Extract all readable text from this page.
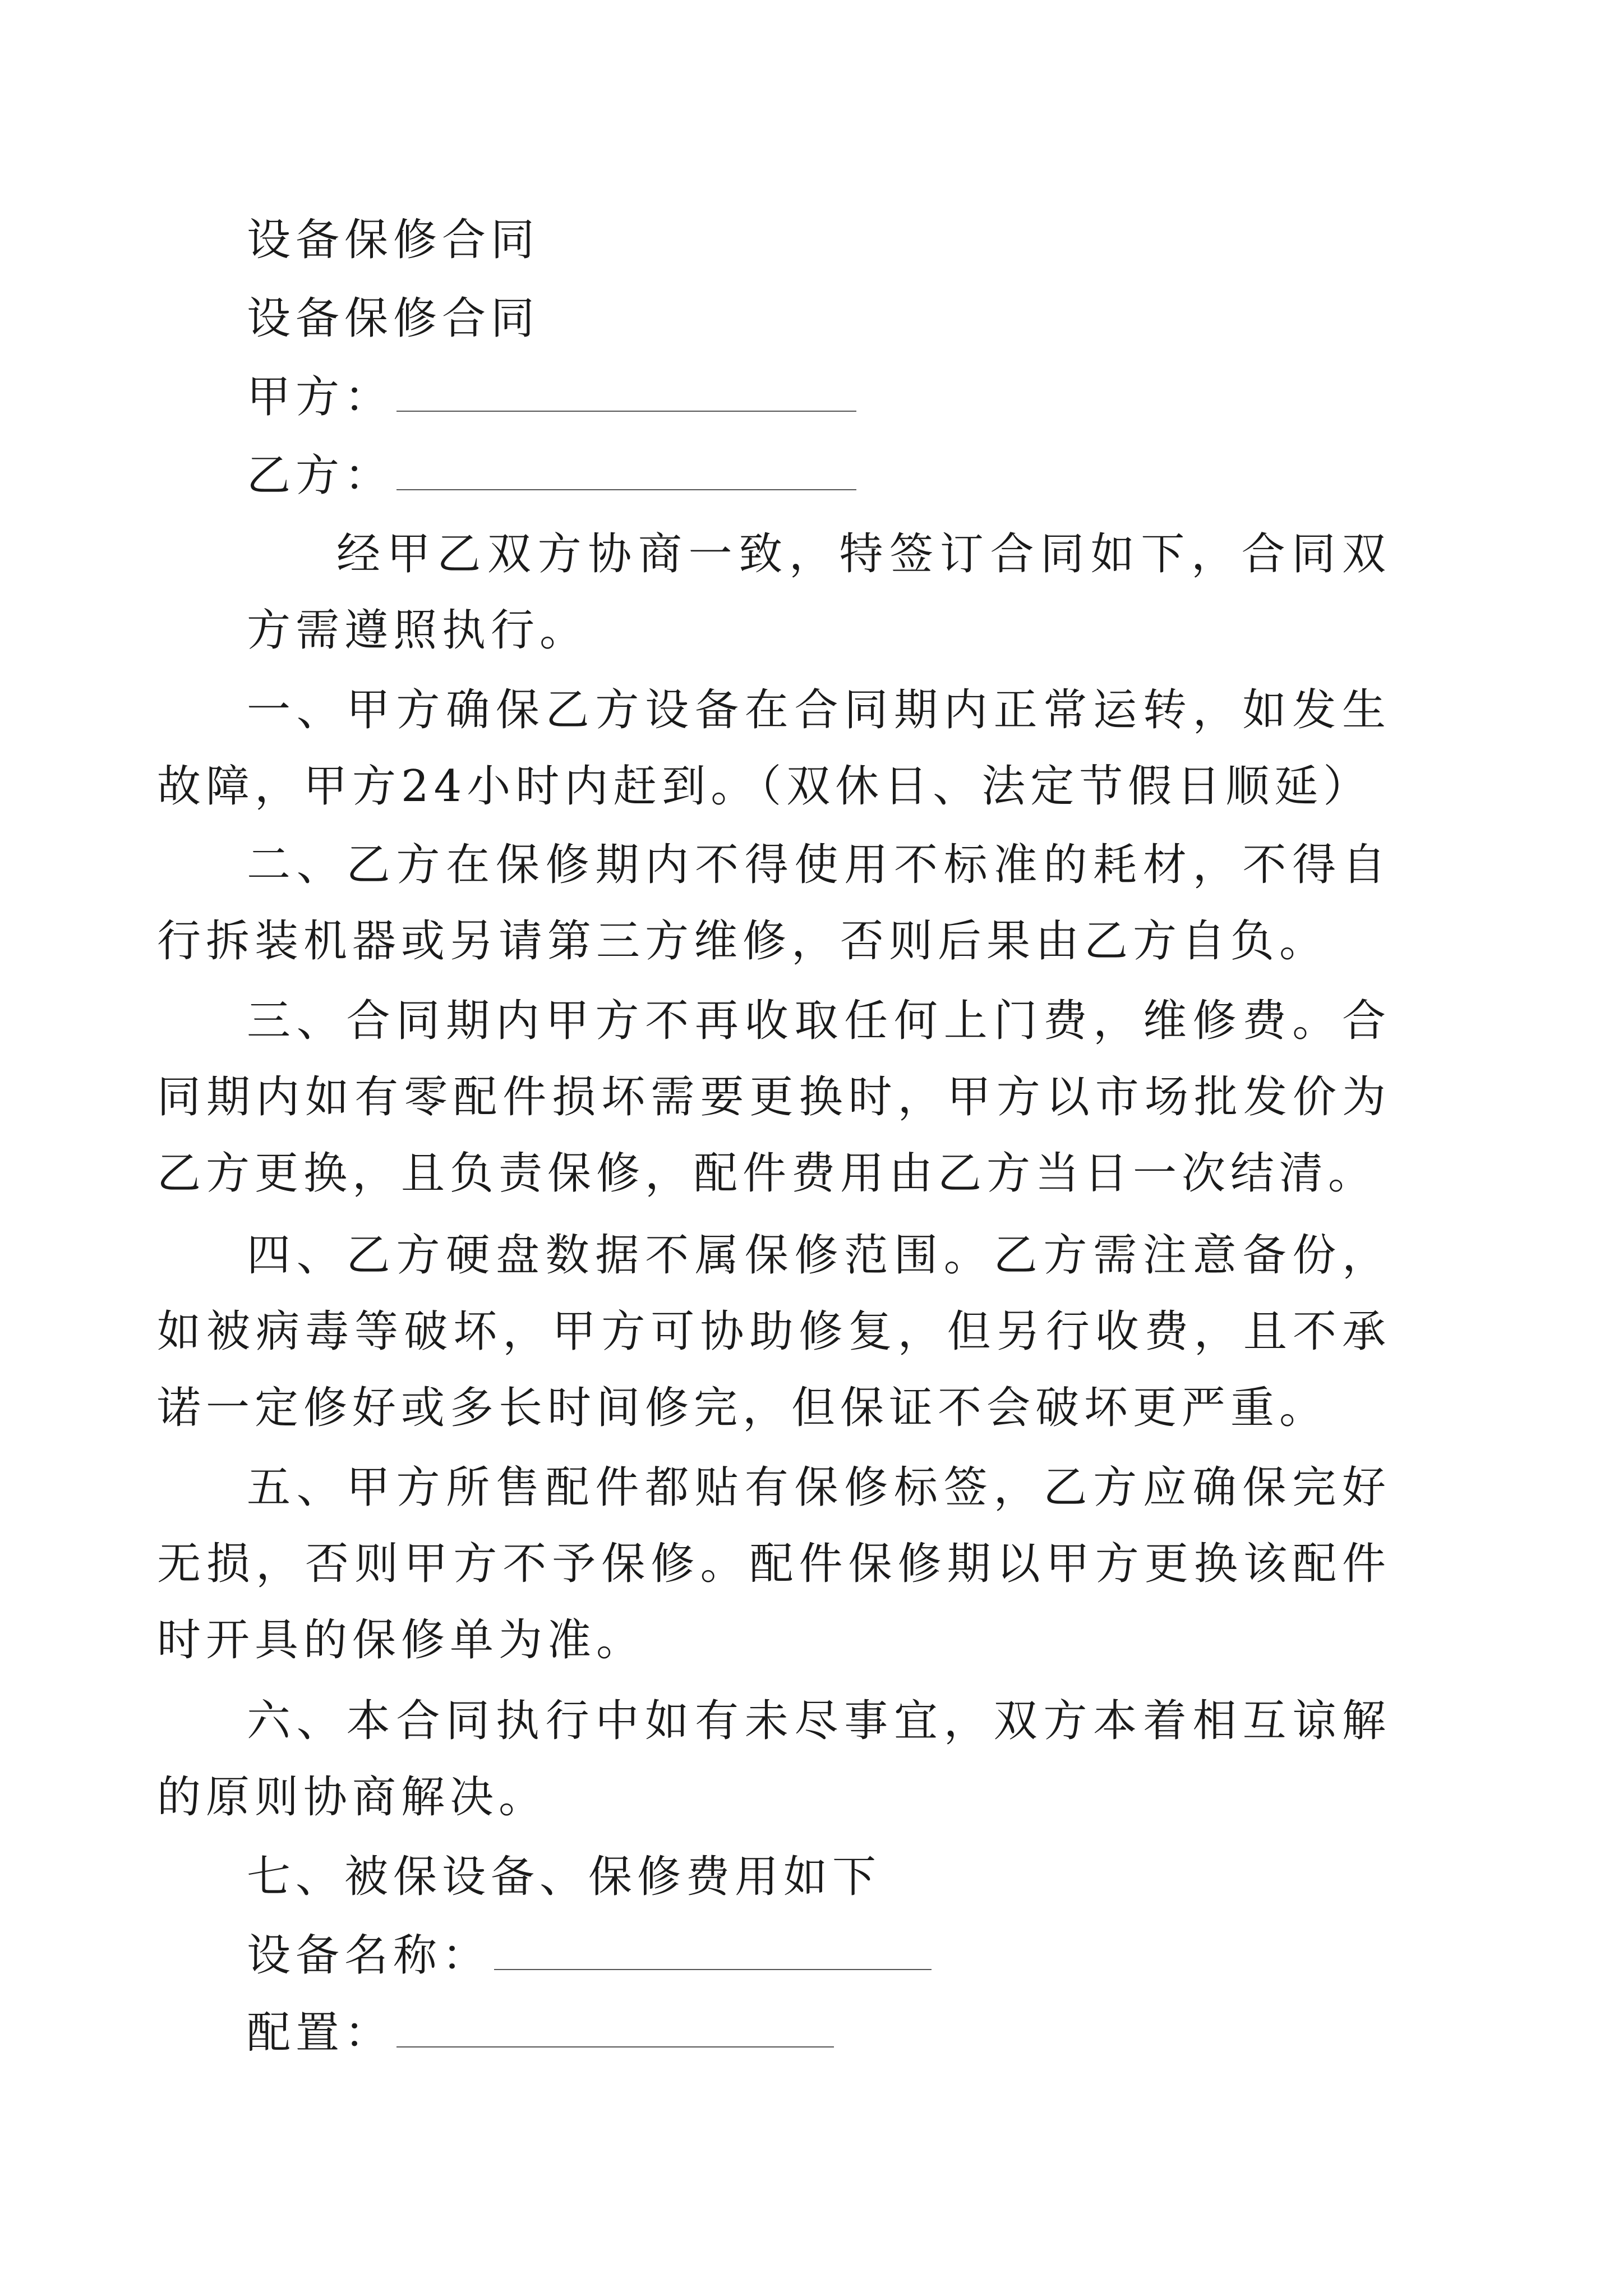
设备保修合同
设备保修合同
甲方：
乙方：
经甲乙双方协商一致，特签订合同如下，合同双方需遵照执行。
一、甲方确保乙方设备在合同期内正常运转，如发生故障，甲方24小时内赶到。（双休日、法定节假日顺延）
二、乙方在保修期内不得使用不标准的耗材，不得自行拆装机器或另请第三方维修，否则后果由乙方自负。
三、合同期内甲方不再收取任何上门费，维修费。合同期内如有零配件损坏需要更换时，甲方以市场批发价为乙方更换，且负责保修，配件费用由乙方当日一次结清。
四、乙方硬盘数据不属保修范围。乙方需注意备份，如被病毒等破坏，甲方可协助修复，但另行收费，且不承诺一定修好或多长时间修完，但保证不会破坏更严重。
五、甲方所售配件都贴有保修标签，乙方应确保完好无损，否则甲方不予保修。配件保修期以甲方更换该配件时开具的保修单为准。
六、本合同执行中如有未尽事宜，双方本着相互谅解的原则协商解决。
七、被保设备、保修费用如下
设备名称：
配置：
